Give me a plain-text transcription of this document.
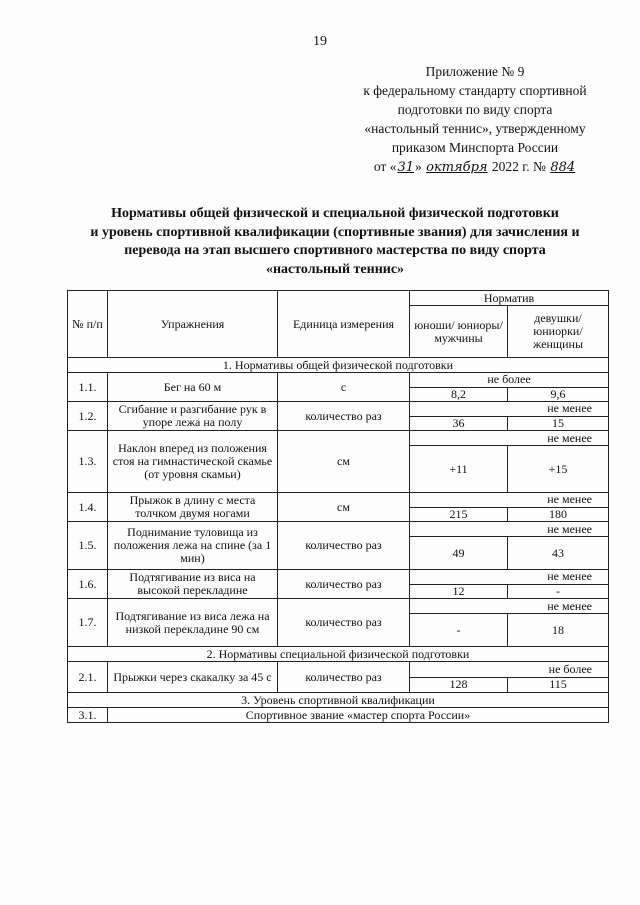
19
Приложение № 9
к федеральному стандарту спортивной
подготовки по виду спорта
«настольный теннис», утвержденному
приказом Минспорта России
от «31» октября 2022 г. № 884
Нормативы общей физической и специальной физической подготовки
и уровень спортивной квалификации (спортивные звания) для зачисления и
перевода на этап высшего спортивного мастерства по виду спорта
«настольный теннис»
№ п/п	Упражнения	Единица измерения	Норматив	
			юноши/ юниоры/ мужчины	девушки/ юниорки/ женщины
1. Нормативы общей физической подготовки				
1.1.	Бег на 60 м	с	не более	
			8,2	9,6
1.2.	Сгибание и разгибание рук в упоре лежа на полу	количество раз	не менее	
			36	15
1.3.	Наклон вперед из положения стоя на гимнастической скамье (от уровня скамьи)	см	не менее	
			+11	+15
1.4.	Прыжок в длину с места толчком двумя ногами	см	не менее	
			215	180
1.5.	Поднимание туловища из положения лежа на спине (за 1 мин)	количество раз	не менее	
			49	43
1.6.	Подтягивание из виса на высокой перекладине	количество раз	не менее	
			12	-
1.7.	Подтягивание из виса лежа на низкой перекладине 90 см	количество раз	не менее	
			-	18
2. Нормативы специальной физической подготовки				
2.1.	Прыжки через скакалку за 45 с	количество раз	не более	
			128	115
3. Уровень спортивной квалификации				
3.1.	Спортивное звание «мастер спорта России»			
